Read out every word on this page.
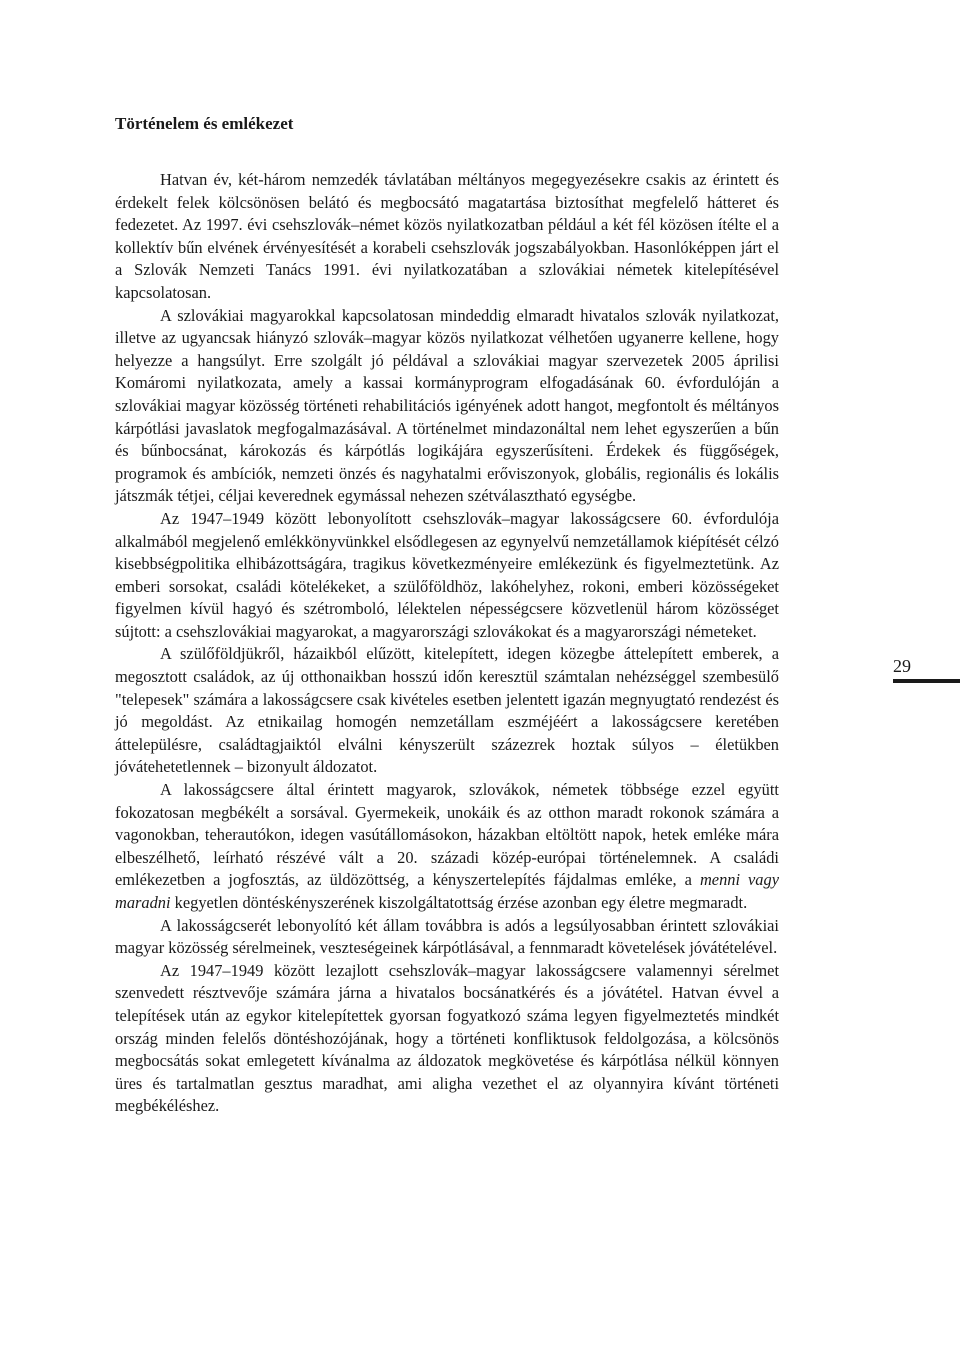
Történelem és emlékezet

Hatvan év, két-három nemzedék távlatában méltányos megegyezésekre csakis az érintett és érdekelt felek kölcsönösen belátó és megbocsátó magatartása biztosíthat megfelelő hátteret és fedezetet. Az 1997. évi csehszlovák–német közös nyilatkozatban például a két fél közösen ítélte el a kollektív bűn elvének érvényesítését a korabeli csehszlovák jogszabályokban. Hasonlóképpen járt el a Szlovák Nemzeti Tanács 1991. évi nyilatkozatában a szlovákiai németek kitelepítésével kapcsolatosan.

A szlovákiai magyarokkal kapcsolatosan mindeddig elmaradt hivatalos szlovák nyilatkozat, illetve az ugyancsak hiányzó szlovák–magyar közös nyilatkozat vélhetően ugyanerre kellene, hogy helyezze a hangsúlyt. Erre szolgált jó példával a szlovákiai magyar szervezetek 2005 áprilisi Komáromi nyilatkozata, amely a kassai kormányprogram elfogadásának 60. évfordulóján a szlovákiai magyar közösség történeti rehabilitációs igényének adott hangot, megfontolt és méltányos kárpótlási javaslatok megfogalmazásával. A történelmet mindazonáltal nem lehet egyszerűen a bűn és bűnbocsánat, károkozás és kárpótlás logikájára egyszerűsíteni. Érdekek és függőségek, programok és ambíciók, nemzeti önzés és nagyhatalmi erőviszonyok, globális, regionális és lokális játszmák tétjei, céljai keverednek egymással nehezen szétválasztható egységbe.

Az 1947–1949 között lebonyolított csehszlovák–magyar lakosságcsere 60. évfordulója alkalmából megjelenő emlékkönyvünkkel elsődlegesen az egynyelvű nemzetállamok kiépítését célzó kisebbségpolitika elhibázottságára, tragikus következményeire emlékezünk és figyelmeztetünk. Az emberi sorsokat, családi kötelékeket, a szülőföldhöz, lakóhelyhez, rokoni, emberi közösségeket figyelmen kívül hagyó és szétromboló, lélektelen népességcsere közvetlenül három közösséget sújtott: a csehszlovákiai magyarokat, a magyarországi szlovákokat és a magyarországi németeket.

A szülőföldjükről, házaikból elűzött, kitelepített, idegen közegbe áttelepített emberek, a megosztott családok, az új otthonaikban hosszú időn keresztül számtalan nehézséggel szembesülő "telepesek" számára a lakosságcsere csak kivételes esetben jelentett igazán megnyugtató rendezést és jó megoldást. Az etnikailag homogén nemzetállam eszméjéért a lakosságcsere keretében áttelepülésre, családtagjaiktól elválni kényszerült százezrek hoztak súlyos – életükben jóvátehetetlennek – bizonyult áldozatot.

A lakosságcsere által érintett magyarok, szlovákok, németek többsége ezzel együtt fokozatosan megbékélt a sorsával. Gyermekeik, unokáik és az otthon maradt rokonok számára a vagonokban, teherautókon, idegen vasútállomásokon, házakban eltöltött napok, hetek emléke mára elbeszélhető, leírható részévé vált a 20. századi közép-európai történelemnek. A családi emlékezetben a jogfosztás, az üldözöttség, a kényszertelepítés fájdalmas emléke, a menni vagy maradni kegyetlen döntéskényszerének kiszolgáltatottság érzése azonban egy életre megmaradt.

A lakosságcserét lebonyolító két állam továbbra is adós a legsúlyosabban érintett szlovákiai magyar közösség sérelmeinek, veszteségeinek kárpótlásával, a fennmaradt követelések jóvátételével.

Az 1947–1949 között lezajlott csehszlovák–magyar lakosságcsere valamennyi sérelmet szenvedett résztvevője számára járna a hivatalos bocsánatkérés és a jóvátétel. Hatvan évvel a telepítések után az egykor kitelepítettek gyorsan fogyatkozó száma legyen figyelmeztetés mindkét ország minden felelős döntéshozójának, hogy a történeti konfliktusok feldolgozása, a kölcsönös megbocsátás sokat emlegetett kívánalma az áldozatok megkövetése és kárpótlása nélkül könnyen üres és tartalmatlan gesztus maradhat, ami aligha vezethet el az olyannyira kívánt történeti megbékéléshez.

29
